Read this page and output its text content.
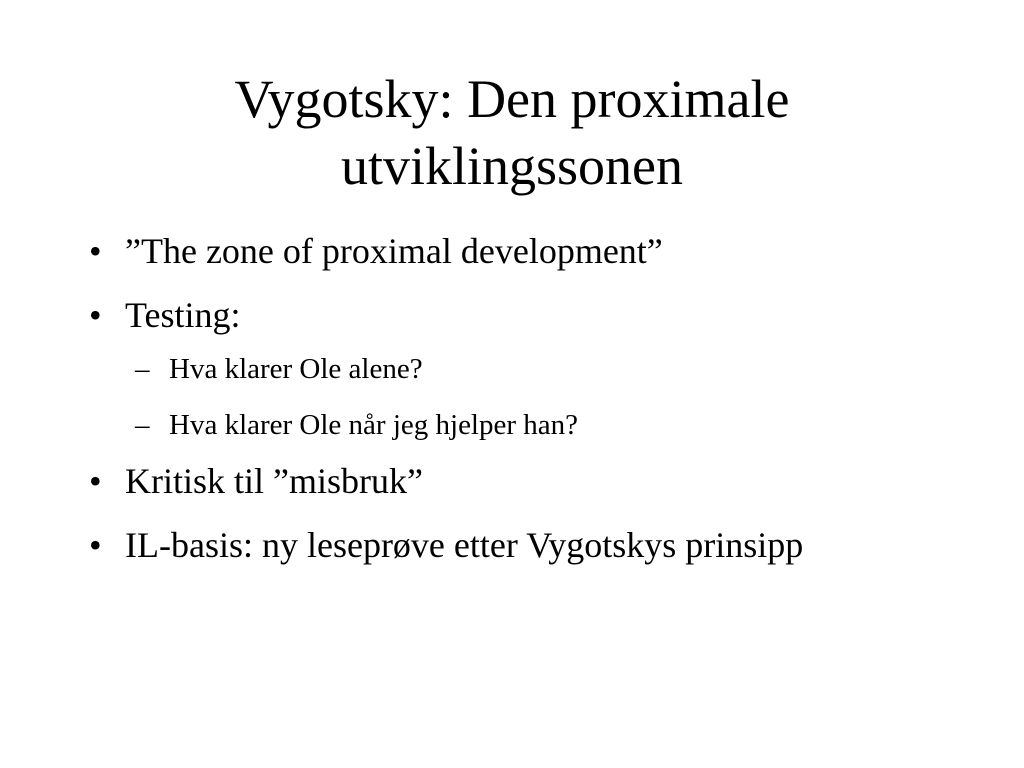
Vygotsky: Den proximale
utviklingssonen
• ”The zone of proximal development”
• Testing:
– Hva klarer Ole alene?
– Hva klarer Ole når jeg hjelper han?
• Kritisk til ”misbruk”
• IL-basis: ny leseprøve etter Vygotskys prinsipp
